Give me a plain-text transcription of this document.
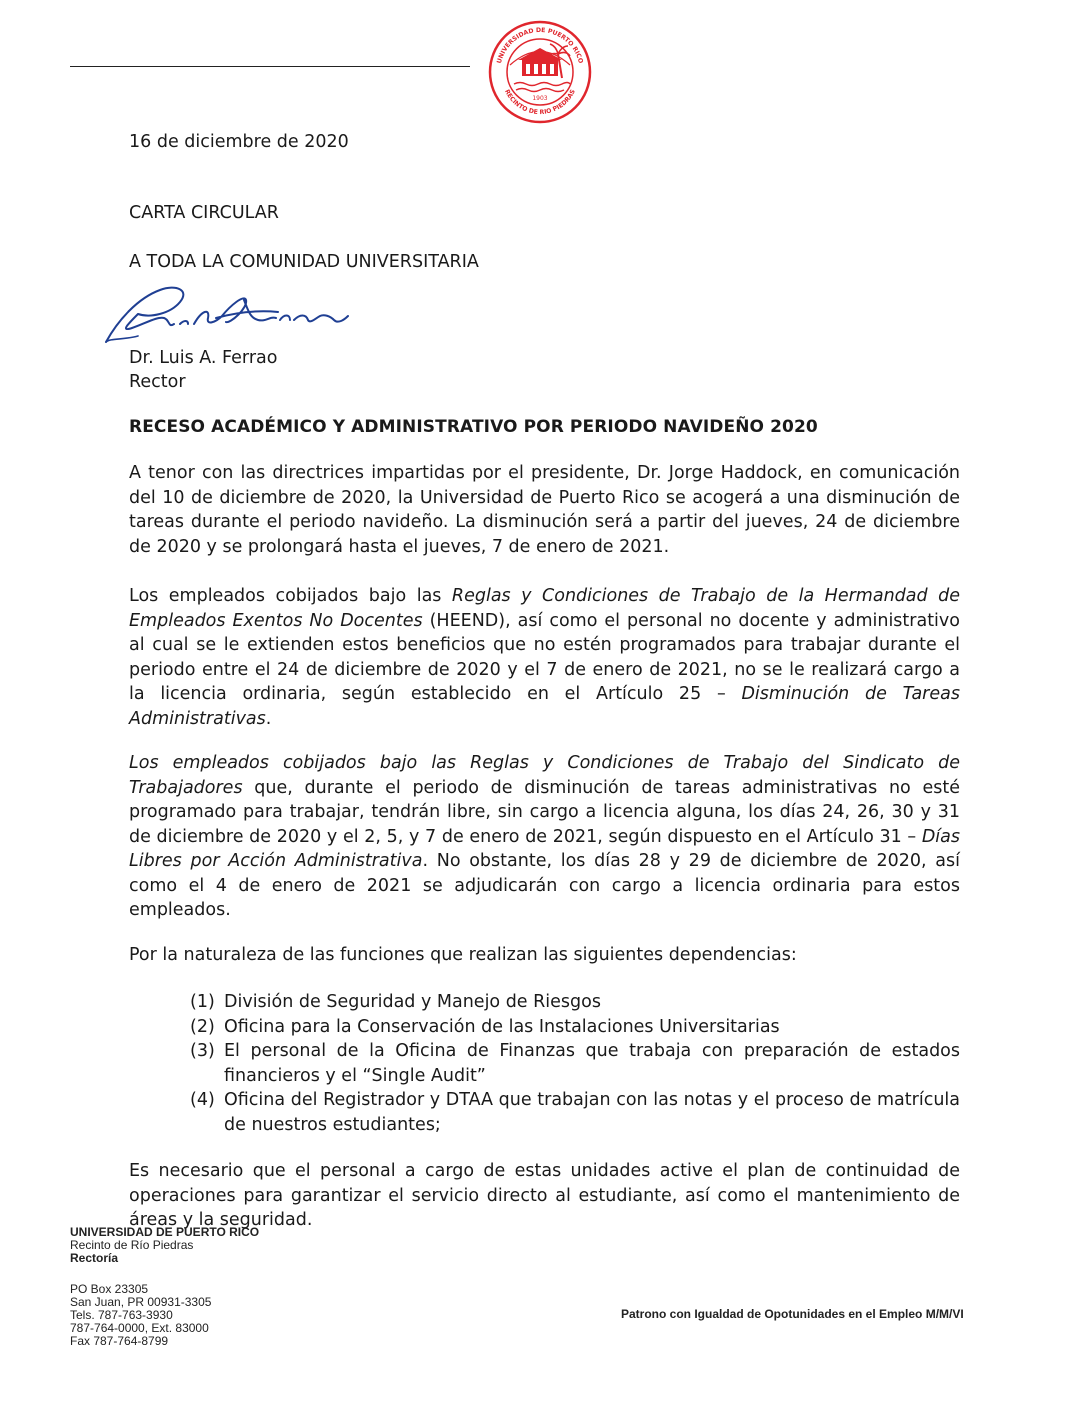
1903
UNIVERSIDAD DE PUERTO RICO
RECINTO DE RIO PIEDRAS
16 de diciembre de 2020
CARTA CIRCULAR
A TODA LA COMUNIDAD UNIVERSITARIA
Dr. Luis A. Ferrao
Rector
RECESO ACADÉMICO Y ADMINISTRATIVO POR PERIODO NAVIDEÑO 2020

A tenor con las directrices impartidas por el presidente, Dr. Jorge Haddock, en comunicación del 10 de diciembre de 2020, la Universidad de Puerto Rico se acogerá a una disminución de tareas durante el periodo navideño. La disminución será a partir del jueves, 24 de diciembre de 2020 y se prolongará hasta el jueves, 7 de enero de 2021.

Los empleados cobijados bajo las Reglas y Condiciones de Trabajo de la Hermandad de Empleados Exentos No Docentes (HEEND), así como el personal no docente y administrativo al cual se le extienden estos beneficios que no estén programados para trabajar durante el periodo entre el 24 de diciembre de 2020 y el 7 de enero de 2021, no se le realizará cargo a la licencia ordinaria, según establecido en el Artículo 25 – Disminución de Tareas Administrativas.

Los empleados cobijados bajo las Reglas y Condiciones de Trabajo del Sindicato de Trabajadores que, durante el periodo de disminución de tareas administrativas no esté programado para trabajar, tendrán libre, sin cargo a licencia alguna, los días 24, 26, 30 y 31 de diciembre de 2020 y el 2, 5, y 7 de enero de 2021, según dispuesto en el Artículo 31 – Días Libres por Acción Administrativa. No obstante, los días 28 y 29 de diciembre de 2020, así como el 4 de enero de 2021 se adjudicarán con cargo a licencia ordinaria para estos empleados.

Por la naturaleza de las funciones que realizan las siguientes dependencias:

(1) División de Seguridad y Manejo de Riesgos
(2) Oficina para la Conservación de las Instalaciones Universitarias
(3) El personal de la Oficina de Finanzas que trabaja con preparación de estados financieros y el “Single Audit”
(4) Oficina del Registrador y DTAA que trabajan con las notas y el proceso de matrícula de nuestros estudiantes;

Es necesario que el personal a cargo de estas unidades active el plan de continuidad de operaciones para garantizar el servicio directo al estudiante, así como el mantenimiento de áreas y la seguridad.

UNIVERSIDAD DE PUERTO RICO
Recinto de Río Piedras
Rectoría
PO Box 23305
San Juan, PR 00931-3305
Tels. 787-763-3930
787-764-0000, Ext. 83000
Fax 787-764-8799
Patrono con Igualdad de Opotunidades en el Empleo M/M/VI
